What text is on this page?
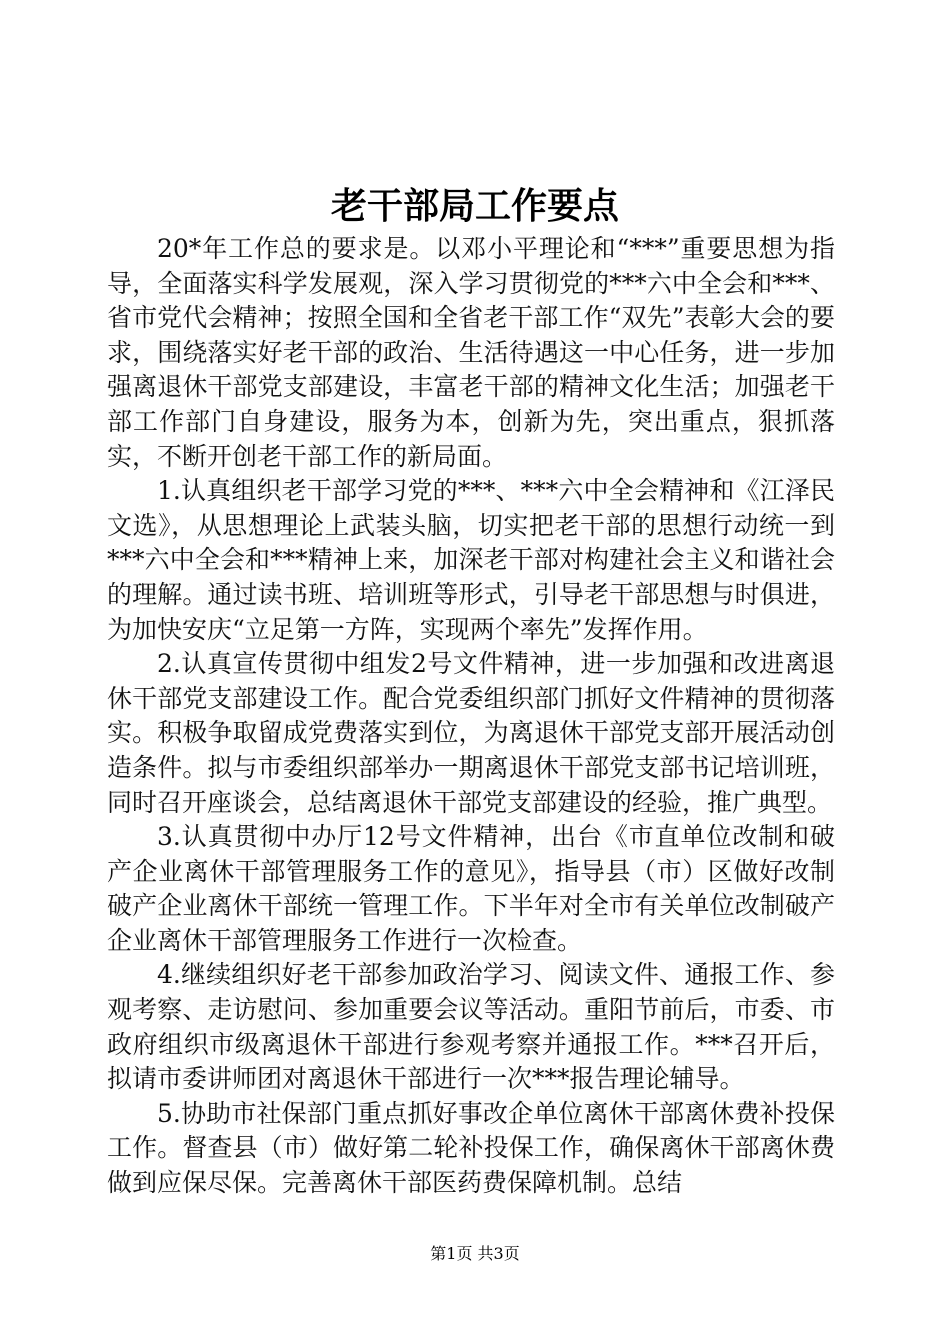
老干部局工作要点

20*年工作总的要求是。以邓小平理论和“***”重要思想为指导，全面落实科学发展观，深入学习贯彻党的***六中全会和***、省市党代会精神；按照全国和全省老干部工作“双先”表彰大会的要求，围绕落实好老干部的政治、生活待遇这一中心任务，进一步加强离退休干部党支部建设，丰富老干部的精神文化生活；加强老干部工作部门自身建设，服务为本，创新为先，突出重点，狠抓落实，不断开创老干部工作的新局面。

1.认真组织老干部学习党的***、***六中全会精神和《江泽民文选》，从思想理论上武装头脑，切实把老干部的思想行动统一到***六中全会和***精神上来，加深老干部对构建社会主义和谐社会的理解。通过读书班、培训班等形式，引导老干部思想与时俱进，为加快安庆“立足第一方阵，实现两个率先”发挥作用。

2.认真宣传贯彻中组发2号文件精神，进一步加强和改进离退休干部党支部建设工作。配合党委组织部门抓好文件精神的贯彻落实。积极争取留成党费落实到位，为离退休干部党支部开展活动创造条件。拟与市委组织部举办一期离退休干部党支部书记培训班，同时召开座谈会，总结离退休干部党支部建设的经验，推广典型。

3.认真贯彻中办厅12号文件精神，出台《市直单位改制和破产企业离休干部管理服务工作的意见》，指导县（市）区做好改制破产企业离休干部统一管理工作。下半年对全市有关单位改制破产企业离休干部管理服务工作进行一次检查。

4.继续组织好老干部参加政治学习、阅读文件、通报工作、参观考察、走访慰问、参加重要会议等活动。重阳节前后，市委、市政府组织市级离退休干部进行参观考察并通报工作。***召开后，拟请市委讲师团对离退休干部进行一次***报告理论辅导。

5.协助市社保部门重点抓好事改企单位离休干部离休费补投保工作。督查县（市）做好第二轮补投保工作，确保离休干部离休费做到应保尽保。完善离休干部医药费保障机制。总结

第1页 共3页
